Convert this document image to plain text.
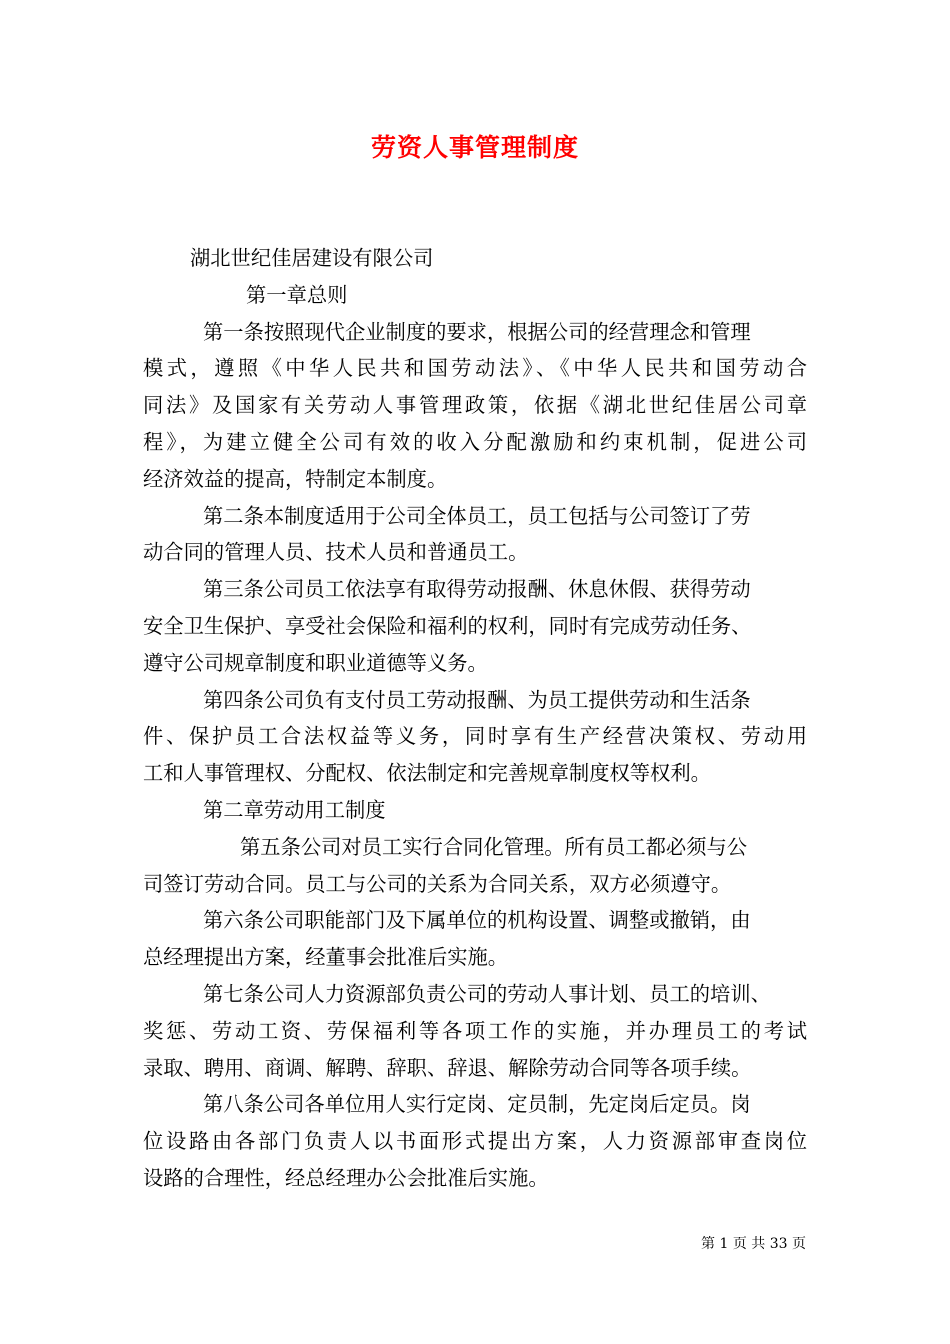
劳资人事管理制度
湖北世纪佳居建设有限公司
第一章总则
第一条按照现代企业制度的要求，根据公司的经营理念和管理
模式，遵照《中华人民共和国劳动法》、《中华人民共和国劳动合
同法》及国家有关劳动人事管理政策，依据《湖北世纪佳居公司章
程》，为建立健全公司有效的收入分配激励和约束机制，促进公司
经济效益的提高，特制定本制度。
第二条本制度适用于公司全体员工，员工包括与公司签订了劳
动合同的管理人员、技术人员和普通员工。
第三条公司员工依法享有取得劳动报酬、休息休假、获得劳动
安全卫生保护、享受社会保险和福利的权利，同时有完成劳动任务、
遵守公司规章制度和职业道德等义务。
第四条公司负有支付员工劳动报酬、为员工提供劳动和生活条
件、保护员工合法权益等义务，同时享有生产经营决策权、劳动用
工和人事管理权、分配权、依法制定和完善规章制度权等权利。
第二章劳动用工制度
第五条公司对员工实行合同化管理。所有员工都必须与公
司签订劳动合同。员工与公司的关系为合同关系，双方必须遵守。
第六条公司职能部门及下属单位的机构设置、调整或撤销，由
总经理提出方案，经董事会批准后实施。
第七条公司人力资源部负责公司的劳动人事计划、员工的培训、
奖惩、劳动工资、劳保福利等各项工作的实施，并办理员工的考试
录取、聘用、商调、解聘、辞职、辞退、解除劳动合同等各项手续。
第八条公司各单位用人实行定岗、定员制，先定岗后定员。岗
位设路由各部门负责人以书面形式提出方案，人力资源部审查岗位
设路的合理性，经总经理办公会批准后实施。
第 1 页 共 33 页
